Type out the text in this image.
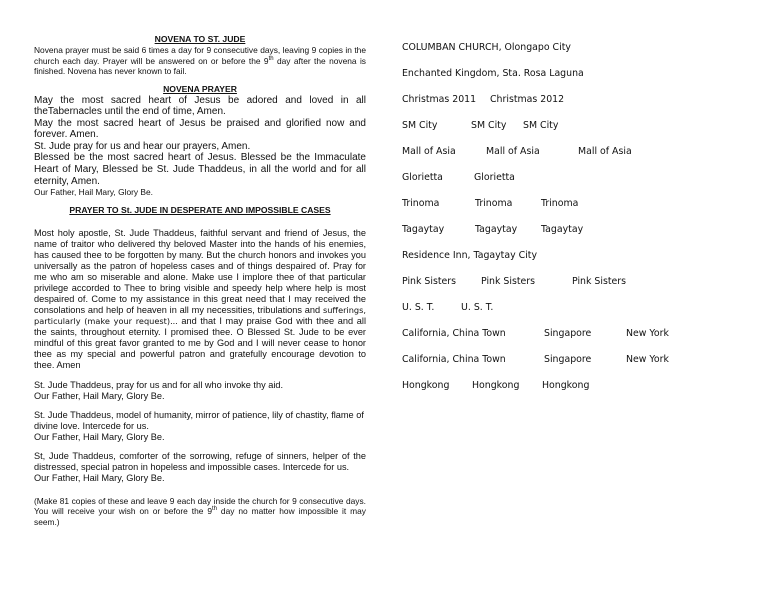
NOVENA TO ST. JUDE
Novena prayer must be said 6 times a day for 9 consecutive days, leaving 9 copies in the church each day. Prayer will be answered on or before the 9th day after the novena is finished. Novena has never known to fail.
NOVENA PRAYER
May the most sacred heart of Jesus be adored and loved in all theTabernacles until the end of time, Amen.
May the most sacred heart of Jesus be praised and glorified now and forever. Amen.
St. Jude pray for us and hear our prayers, Amen.
Blessed be the most sacred heart of Jesus. Blessed be the Immaculate Heart of Mary, Blessed be St. Jude Thaddeus, in all the world and for all eternity, Amen.
Our Father, Hail Mary, Glory Be.
PRAYER TO St. JUDE IN DESPERATE AND IMPOSSIBLE CASES
Most holy apostle, St. Jude Thaddeus, faithful servant and friend of Jesus, the name of traitor who delivered thy beloved Master into the hands of his enemies, has caused thee to be forgotten by many. But the church honors and invokes you universally as the patron of hopeless cases and of things despaired of. Pray for me who am so miserable and alone. Make use I implore thee of that particular privilege accorded to Thee to bring visible and speedy help where help is most despaired of. Come to my assistance in this great need that I may received the consolations and help of heaven in all my necessities, tribulations and sufferings, particularly (make your request)... and that I may praise God with thee and all the saints, throughout eternity. I promised thee. O Blessed St. Jude to be ever mindful of this great favor granted to me by God and I will never cease to honor thee as my special and powerful patron and gratefully encourage devotion to thee. Amen
St. Jude Thaddeus, pray for us and for all who invoke thy aid.
Our Father, Hail Mary, Glory Be.
St. Jude Thaddeus, model of humanity, mirror of patience, lily of chastity, flame of divine love. Intercede for us.
Our Father, Hail Mary, Glory Be.
St, Jude Thaddeus, comforter of the sorrowing, refuge of sinners, helper of the distressed, special patron in hopeless and impossible cases. Intercede for us.
Our Father, Hail Mary, Glory Be.
(Make 81 copies of these and leave 9 each day inside the church for 9 consecutive days. You will receive your wish on or before the 9th day no matter how impossible it may seem.)
COLUMBAN CHURCH, Olongapo City
Enchanted Kingdom, Sta. Rosa Laguna
Christmas 2011	Christmas 2012
SM City	SM City	SM City
Mall of Asia	Mall of Asia	Mall of Asia
Glorietta	Glorietta
Trinoma	Trinoma	Trinoma
Tagaytay	Tagaytay	Tagaytay
Residence Inn, Tagaytay City
Pink Sisters	Pink Sisters	Pink Sisters
U. S. T.	U. S. T.
California, China Town	Singapore	New York
California, China Town	Singapore	New York
Hongkong	Hongkong	Hongkong
